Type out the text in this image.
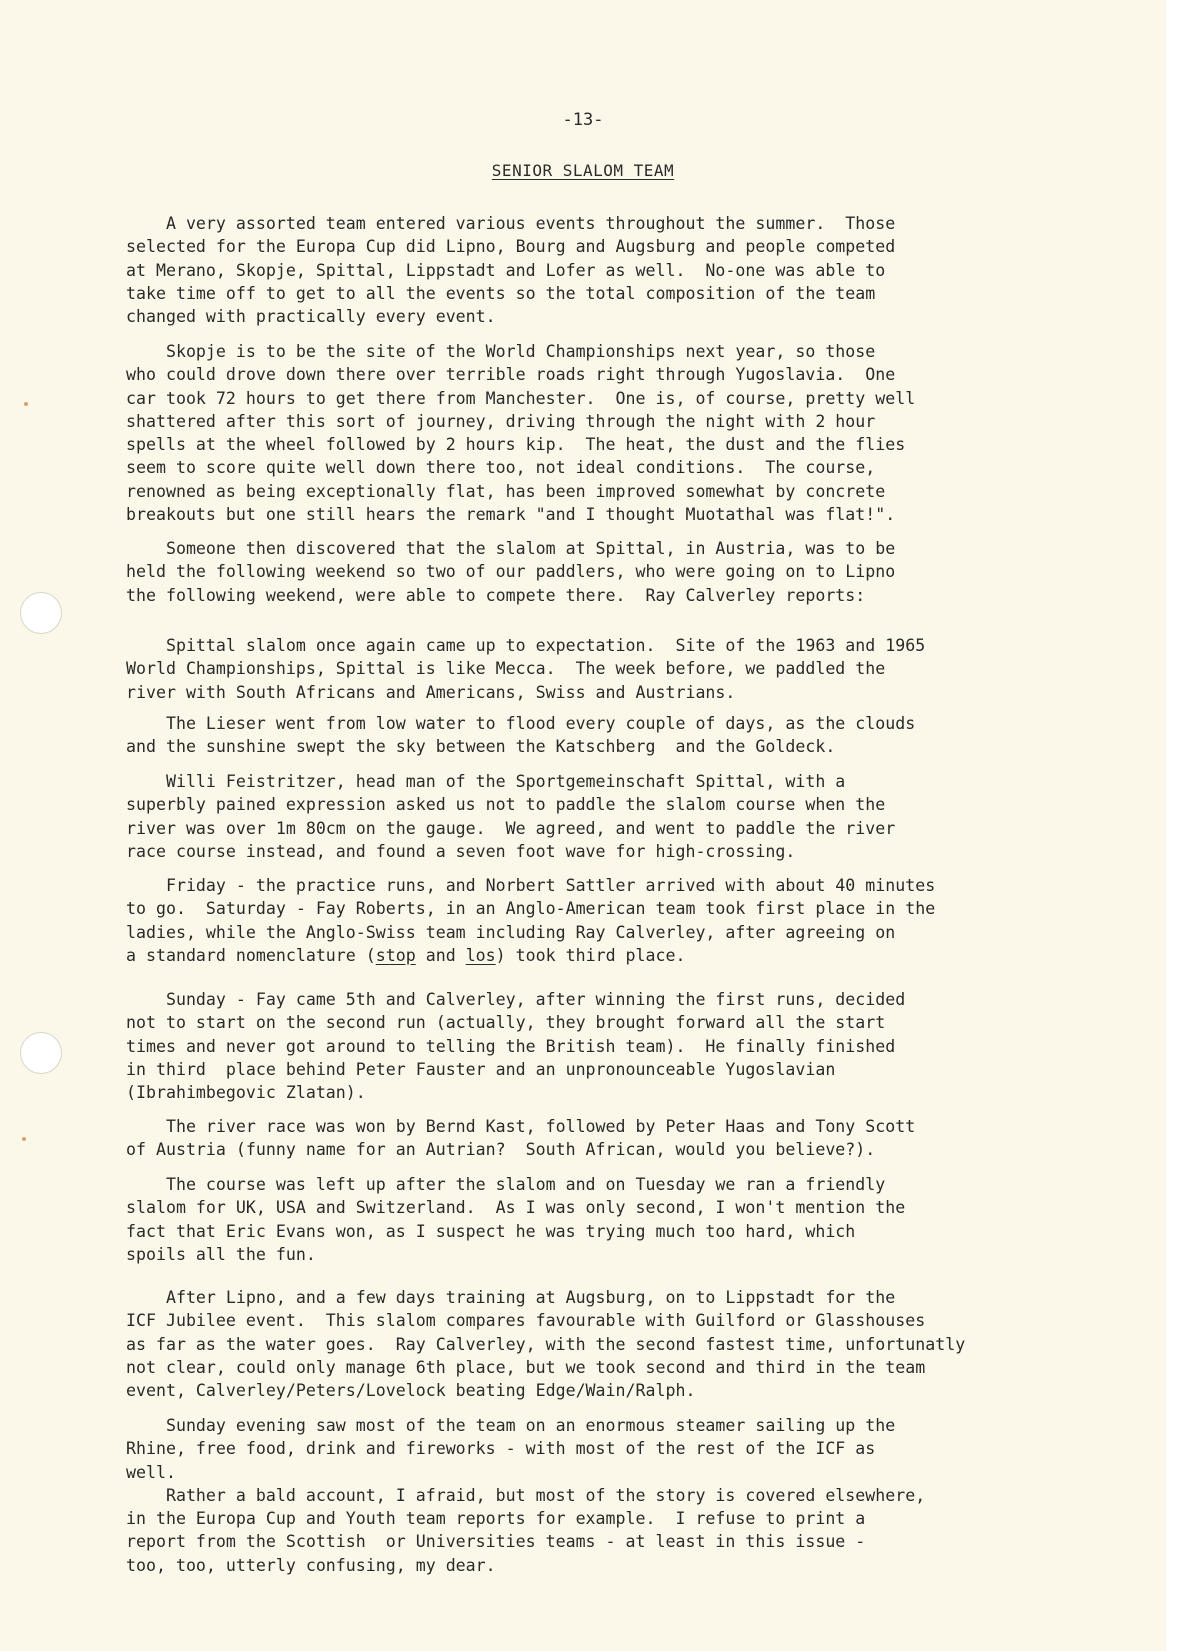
-13-
SENIOR SLALOM TEAM

A very assorted team entered various events throughout the summer.  Those
selected for the Europa Cup did Lipno, Bourg and Augsburg and people competed
at Merano, Skopje, Spittal, Lippstadt and Lofer as well.  No-one was able to
take time off to get to all the events so the total composition of the team
changed with practically every event.

Skopje is to be the site of the World Championships next year, so those
who could drove down there over terrible roads right through Yugoslavia.  One
car took 72 hours to get there from Manchester.  One is, of course, pretty well
shattered after this sort of journey, driving through the night with 2 hour
spells at the wheel followed by 2 hours kip.  The heat, the dust and the flies
seem to score quite well down there too, not ideal conditions.  The course,
renowned as being exceptionally flat, has been improved somewhat by concrete
breakouts but one still hears the remark "and I thought Muotathal was flat!".

Someone then discovered that the slalom at Spittal, in Austria, was to be
held the following weekend so two of our paddlers, who were going on to Lipno
the following weekend, were able to compete there.  Ray Calverley reports:

Spittal slalom once again came up to expectation.  Site of the 1963 and 1965
World Championships, Spittal is like Mecca.  The week before, we paddled the
river with South Africans and Americans, Swiss and Austrians.

The Lieser went from low water to flood every couple of days, as the clouds
and the sunshine swept the sky between the Katschberg  and the Goldeck.

Willi Feistritzer, head man of the Sportgemeinschaft Spittal, with a
superbly pained expression asked us not to paddle the slalom course when the
river was over 1m 80cm on the gauge.  We agreed, and went to paddle the river
race course instead, and found a seven foot wave for high-crossing.

Friday - the practice runs, and Norbert Sattler arrived with about 40 minutes
to go.  Saturday - Fay Roberts, in an Anglo-American team took first place in the
ladies, while the Anglo-Swiss team including Ray Calverley, after agreeing on
a standard nomenclature (stop and los) took third place.

Sunday - Fay came 5th and Calverley, after winning the first runs, decided
not to start on the second run (actually, they brought forward all the start
times and never got around to telling the British team).  He finally finished
in third  place behind Peter Fauster and an unpronounceable Yugoslavian
(Ibrahimbegovic Zlatan).

The river race was won by Bernd Kast, followed by Peter Haas and Tony Scott
of Austria (funny name for an Autrian?  South African, would you believe?).

The course was left up after the slalom and on Tuesday we ran a friendly
slalom for UK, USA and Switzerland.  As I was only second, I won't mention the
fact that Eric Evans won, as I suspect he was trying much too hard, which
spoils all the fun.

After Lipno, and a few days training at Augsburg, on to Lippstadt for the
ICF Jubilee event.  This slalom compares favourable with Guilford or Glasshouses
as far as the water goes.  Ray Calverley, with the second fastest time, unfortunatly
not clear, could only manage 6th place, but we took second and third in the team
event, Calverley/Peters/Lovelock beating Edge/Wain/Ralph.

Sunday evening saw most of the team on an enormous steamer sailing up the
Rhine, free food, drink and fireworks - with most of the rest of the ICF as
well.
Rather a bald account, I afraid, but most of the story is covered elsewhere,
in the Europa Cup and Youth team reports for example.  I refuse to print a
report from the Scottish  or Universities teams - at least in this issue -
too, too, utterly confusing, my dear.
